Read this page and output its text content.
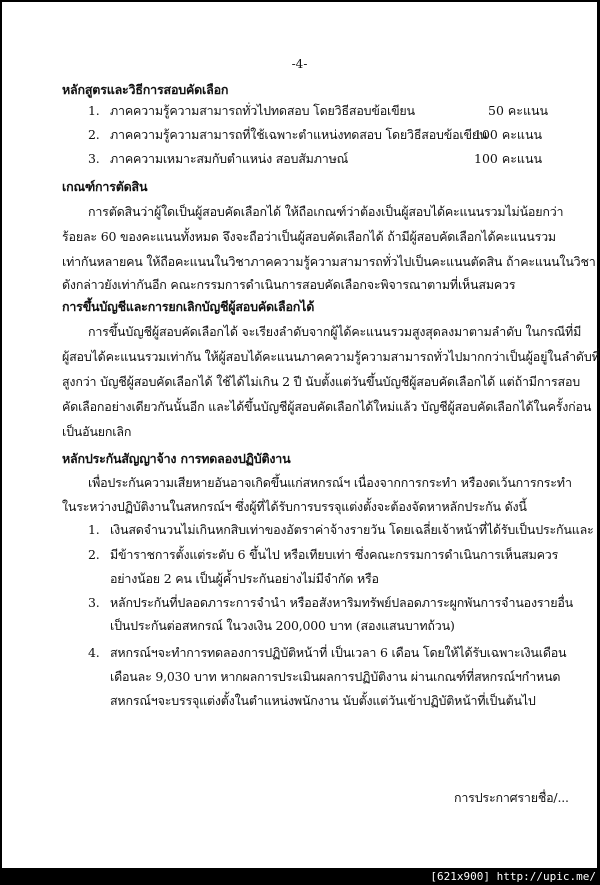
-4-
หลักสูตรและวิธีการสอบคัดเลือก
1. ภาคความรู้ความสามารถทั่วไปทดสอบ โดยวิธีสอบข้อเขียน	50 คะแนน
2. ภาคความรู้ความสามารถที่ใช้เฉพาะตำแหน่งทดสอบ โดยวิธีสอบข้อเขียน
100 คะแนน
3. ภาคความเหมาะสมกับตำแหน่ง สอบสัมภาษณ์	100 คะแนน
เกณฑ์การตัดสิน
การตัดสินว่าผู้ใดเป็นผู้สอบคัดเลือกได้ ให้ถือเกณฑ์ว่าต้องเป็นผู้สอบได้คะแนนรวมไม่น้อยกว่า
ร้อยละ 60 ของคะแนนทั้งหมด จึงจะถือว่าเป็นผู้สอบคัดเลือกได้ ถ้ามีผู้สอบคัดเลือกได้คะแนนรวม
เท่ากันหลายคน ให้ถือคะแนนในวิชาภาคความรู้ความสามารถทั่วไปเป็นคะแนนตัดสิน ถ้าคะแนนในวิชา
ดังกล่าวยังเท่ากันอีก คณะกรรมการดำเนินการสอบคัดเลือกจะพิจารณาตามที่เห็นสมควร
การขึ้นบัญชีและการยกเลิกบัญชีผู้สอบคัดเลือกได้
การขึ้นบัญชีผู้สอบคัดเลือกได้ จะเรียงลำดับจากผู้ได้คะแนนรวมสูงสุดลงมาตามลำดับ ในกรณีที่มี
ผู้สอบได้คะแนนรวมเท่ากัน ให้ผู้สอบได้คะแนนภาคความรู้ความสามารถทั่วไปมากกว่าเป็นผู้อยู่ในลำดับที่
สูงกว่า บัญชีผู้สอบคัดเลือกได้ ใช้ได้ไม่เกิน 2 ปี นับตั้งแต่วันขึ้นบัญชีผู้สอบคัดเลือกได้ แต่ถ้ามีการสอบ
คัดเลือกอย่างเดียวกันนั้นอีก และได้ขึ้นบัญชีผู้สอบคัดเลือกได้ใหม่แล้ว บัญชีผู้สอบคัดเลือกได้ในครั้งก่อน
เป็นอันยกเลิก
หลักประกันสัญญาจ้าง การทดลองปฏิบัติงาน
เพื่อประกันความเสียหายอันอาจเกิดขึ้นแก่สหกรณ์ฯ เนื่องจากการกระทำ หรืองดเว้นการกระทำ
ในระหว่างปฏิบัติงานในสหกรณ์ฯ ซึ่งผู้ที่ได้รับการบรรจุแต่งตั้งจะต้องจัดหาหลักประกัน ดังนี้
1. เงินสดจำนวนไม่เกินหกสิบเท่าของอัตราค่าจ้างรายวัน โดยเฉลี่ยเจ้าหน้าที่ได้รับเป็นประกันและ
2. มีข้าราชการตั้งแต่ระดับ 6 ขึ้นไป หรือเทียบเท่า ซึ่งคณะกรรมการดำเนินการเห็นสมควร
อย่างน้อย 2 คน เป็นผู้ค้ำประกันอย่างไม่มีจำกัด หรือ
3. หลักประกันที่ปลอดภาระการจำนำ หรืออสังหาริมทรัพย์ปลอดภาระผูกพันการจำนองรายอื่น
เป็นประกันต่อสหกรณ์ ในวงเงิน 200,000 บาท (สองแสนบาทถ้วน)
4. สหกรณ์ฯจะทำการทดลองการปฏิบัติหน้าที่ เป็นเวลา 6 เดือน โดยให้ได้รับเฉพาะเงินเดือน
เดือนละ 9,030 บาท หากผลการประเมินผลการปฏิบัติงาน ผ่านเกณฑ์ที่สหกรณ์ฯกำหนด
สหกรณ์ฯจะบรรจุแต่งตั้งในตำแหน่งพนักงาน นับตั้งแต่วันเข้าปฏิบัติหน้าที่เป็นต้นไป
การประกาศรายชื่อ/...
[621x900] http://upic.me/
